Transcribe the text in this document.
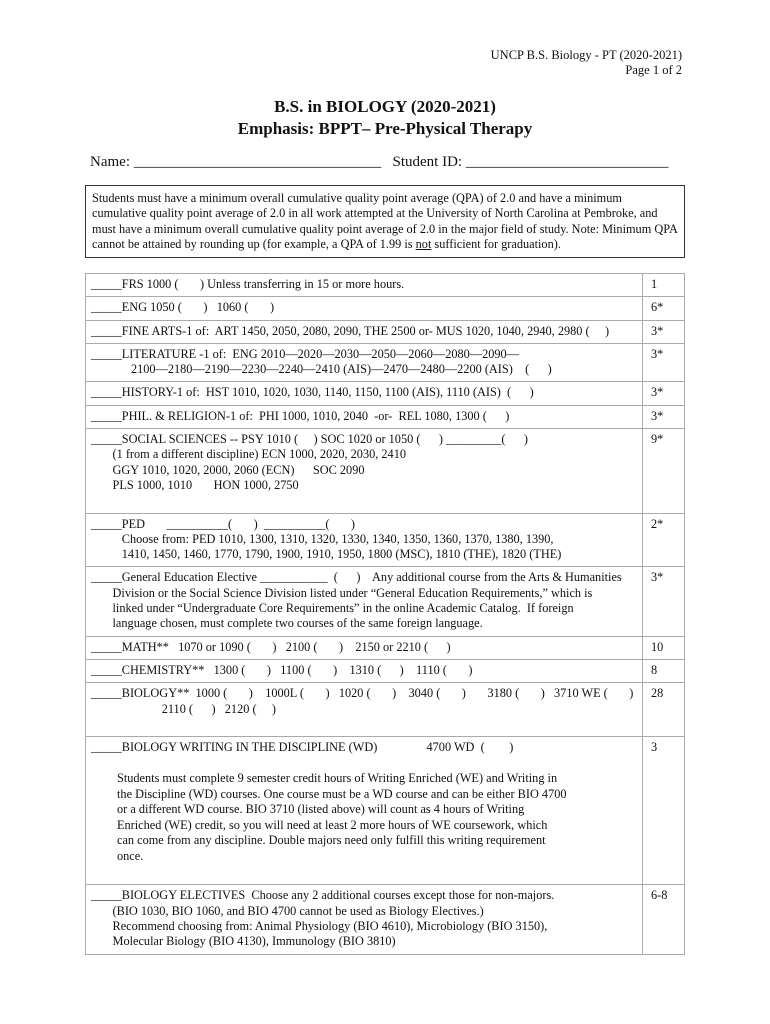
UNCP B.S. Biology - PT (2020-2021)
Page 1 of 2
B.S. in BIOLOGY (2020-2021)
Emphasis: BPPT– Pre-Physical Therapy
Name: _________________________________ Student ID: ___________________________
Students must have a minimum overall cumulative quality point average (QPA) of 2.0 and have a minimum cumulative quality point average of 2.0 in all work attempted at the University of North Carolina at Pembroke, and must have a minimum overall cumulative quality point average of 2.0 in the major field of study. Note: Minimum QPA cannot be attained by rounding up (for example, a QPA of 1.99 is not sufficient for graduation).
_____FRS 1000 (       ) Unless transferring in 15 or more hours.	1

_____ENG 1050 (       )   1060 (       )	6*

_____FINE ARTS-1 of:  ART 1450, 2050, 2080, 2090, THE 2500 or- MUS 1020, 1040, 2940, 2980 (     )	3*

_____LITERATURE -1 of:  ENG 2010—2020—2030—2050—2060—2080—2090—
2100—2180—2190—2230—2240—2410 (AIS)—2470—2480—2200 (AIS)    (      )	3*

_____HISTORY-1 of:  HST 1010, 1020, 1030, 1140, 1150, 1100 (AIS), 1110 (AIS)  (      )	3*

_____PHIL. & RELIGION-1 of:  PHI 1000, 1010, 2040  -or-  REL 1080, 1300 (      )	3*

_____SOCIAL SCIENCES -- PSY 1010 (     ) SOC 1020 or 1050 (      ) _________(      )
(1 from a different discipline) ECN 1000, 2020, 2030, 2410
GGY 1010, 1020, 2000, 2060 (ECN)      SOC 2090
PLS 1000, 1010       HON 1000, 2750	9*

_____PED       __________(       )  __________(       )
Choose from: PED 1010, 1300, 1310, 1320, 1330, 1340, 1350, 1360, 1370, 1380, 1390,
1410, 1450, 1460, 1770, 1790, 1900, 1910, 1950, 1800 (MSC), 1810 (THE), 1820 (THE)	2*

_____General Education Elective ___________  (      )    Any additional course from the Arts & Humanities
Division or the Social Science Division listed under “General Education Requirements,” which is
linked under “Undergraduate Core Requirements” in the online Academic Catalog.  If foreign
language chosen, must complete two courses of the same foreign language.	3*

_____MATH**   1070 or 1090 (       )   2100 (       )    2150 or 2210 (      )	10

_____CHEMISTRY**   1300 (       )   1100 (       )    1310 (      )    1110 (       )	8

_____BIOLOGY**  1000 (       )    1000L (       )   1020 (       )    3040 (       )       3180 (       )   3710 WE (       )
2110 (      )   2120 (     )	28

_____BIOLOGY WRITING IN THE DISCIPLINE (WD)                4700 WD  (        )
Students must complete 9 semester credit hours of Writing Enriched (WE) and Writing in the Discipline (WD) courses. One course must be a WD course and can be either BIO 4700 or a different WD course. BIO 3710 (listed above) will count as 4 hours of Writing Enriched (WE) credit, so you will need at least 2 more hours of WE coursework, which can come from any discipline. Double majors need only fulfill this writing requirement once.	3

_____BIOLOGY ELECTIVES  Choose any 2 additional courses except those for non-majors.
(BIO 1030, BIO 1060, and BIO 4700 cannot be used as Biology Electives.)
Recommend choosing from: Animal Physiology (BIO 4610), Microbiology (BIO 3150),
Molecular Biology (BIO 4130), Immunology (BIO 3810)	6-8
